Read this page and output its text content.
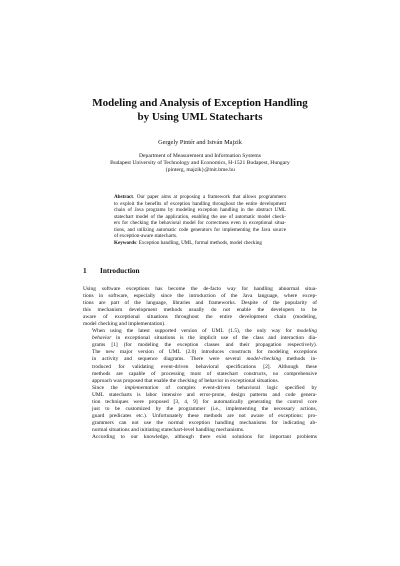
Modeling and Analysis of Exception Handling
by Using UML Statecharts
Gergely Pintér and István Majzik
Department of Measurement and Information Systems
Budapest University of Technology and Economics, H-1521 Budapest, Hungary
{pinterg, majzik}@mit.bme.hu
Abstract. Our paper aims at proposing a framework that allows programmers
to exploit the benefits of exception handling throughout the entire development
chain of Java programs by modeling exception handling in the abstract UML
statechart model of the application, enabling the use of automatic model check-
ers for checking the behavioral model for correctness even in exceptional situa-
tions, and utilizing automatic code generators for implementing the Java source
of exception-aware statecharts.
Keywords: Exception handling, UML, formal methods, model checking
1 Introduction

Using software exceptions has become the de-facto way for handling abnormal situa-
tions in software, especially since the introduction of the Java language, where excep-
tions are part of the language, libraries and frameworks. Despite of the popularity of
this mechanism development methods usually do not enable the developers to be
aware of exceptional situations throughout the entire development chain (modeling,
model checking and implementation).

When using the latest supported version of UML (1.5), the only way for modeling
behavior in exceptional situations is the implicit use of the class and interaction dia-
grams [1] (for modeling the exception classes and their propagation respectively).
The new major version of UML (2.0) introduces constructs for modeling exceptions
in activity and sequence diagrams. There were several model-checking methods in-
troduced for validating event-driven behavioral specifications [2]. Although these
methods are capable of processing most of statechart constructs, no comprehensive
approach was proposed that enable the checking of behavior in exceptional situations.

Since the implementation of complex event-driven behavioral logic specified by
UML statecharts is labor intensive and error-prone, design patterns and code genera-
tion techniques were proposed [3, 4, 9] for automatically generating the control core
just to be customized by the programmer (i.e., implementing the necessary actions,
guard predicates etc.). Unfortunately these methods are not aware of exceptions: pro-
grammers can not use the normal exception handling mechanisms for indicating ab-
normal situations and initiating statechart-level handling mechanisms.

According to our knowledge, although there exist solutions for important problems
